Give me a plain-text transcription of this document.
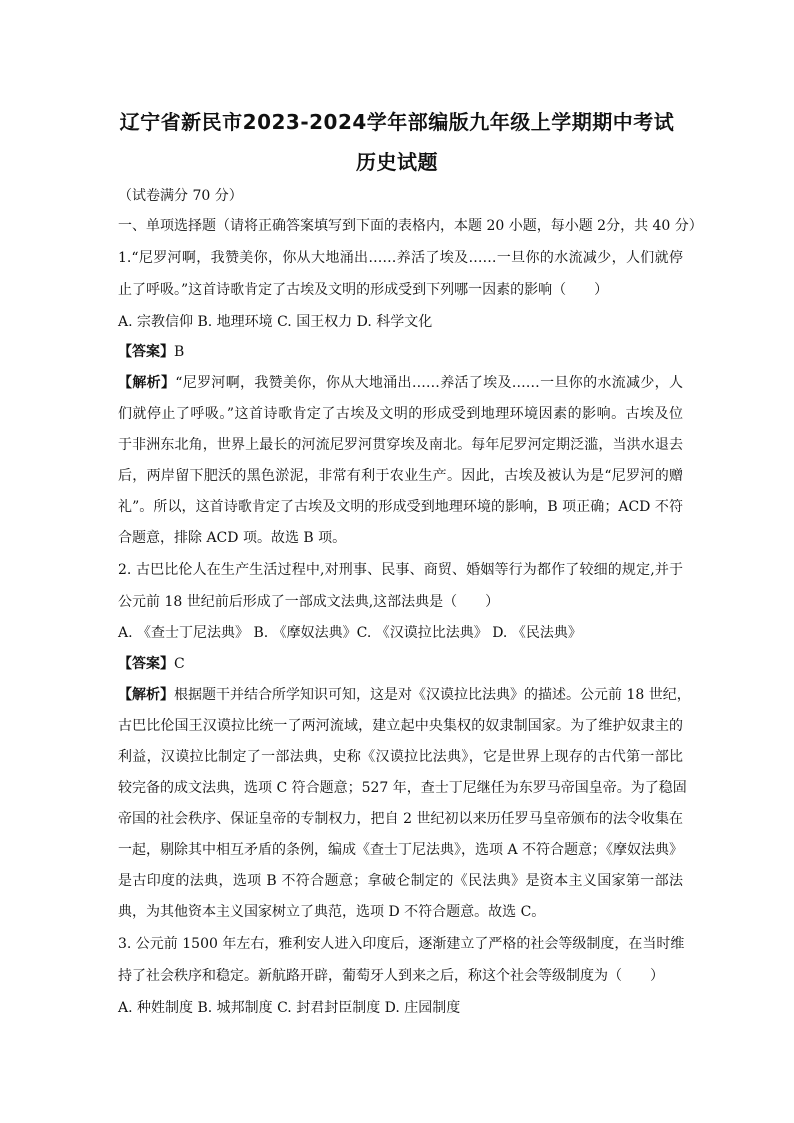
辽宁省新民市2023-2024学年部编版九年级上学期期中考试
历史试题
（试卷满分 70 分）
一、单项选择题（请将正确答案填写到下面的表格内，本题 20 小题，每小题 2分，共 40 分）
1.“尼罗河啊，我赞美你，你从大地涌出……养活了埃及……一旦你的水流减少，人们就停
止了呼吸。”这首诗歌肯定了古埃及文明的形成受到下列哪一因素的影响（　　）
A. 宗教信仰 B. 地理环境 C. 国王权力 D. 科学文化
【答案】B
【解析】“尼罗河啊，我赞美你，你从大地涌出……养活了埃及……一旦你的水流减少，人
们就停止了呼吸。”这首诗歌肯定了古埃及文明的形成受到地理环境因素的影响。古埃及位
于非洲东北角，世界上最长的河流尼罗河贯穿埃及南北。每年尼罗河定期泛滥，当洪水退去
后，两岸留下肥沃的黑色淤泥，非常有利于农业生产。因此，古埃及被认为是“尼罗河的赠
礼”。所以，这首诗歌肯定了古埃及文明的形成受到地理环境的影响，B 项正确；ACD 不符
合题意，排除 ACD 项。故选 B 项。
2. 古巴比伦人在生产生活过程中,对刑事、民事、商贸、婚姻等行为都作了较细的规定,并于
公元前 18 世纪前后形成了一部成文法典,这部法典是（　　）
A. 《查士丁尼法典》 B. 《摩奴法典》C. 《汉谟拉比法典》 D. 《民法典》
【答案】C
【解析】根据题干并结合所学知识可知，这是对《汉谟拉比法典》的描述。公元前 18 世纪，
古巴比伦国王汉谟拉比统一了两河流域，建立起中央集权的奴隶制国家。为了维护奴隶主的
利益，汉谟拉比制定了一部法典，史称《汉谟拉比法典》，它是世界上现存的古代第一部比
较完备的成文法典，选项 C 符合题意；527 年，查士丁尼继任为东罗马帝国皇帝。为了稳固
帝国的社会秩序、保证皇帝的专制权力，把自 2 世纪初以来历任罗马皇帝颁布的法令收集在
一起，剔除其中相互矛盾的条例，编成《查士丁尼法典》，选项 A 不符合题意；《摩奴法典》
是古印度的法典，选项 B 不符合题意；拿破仑制定的《民法典》是资本主义国家第一部法
典，为其他资本主义国家树立了典范，选项 D 不符合题意。故选 C。
3. 公元前 1500 年左右，雅利安人进入印度后，逐渐建立了严格的社会等级制度，在当时维
持了社会秩序和稳定。新航路开辟，葡萄牙人到来之后，称这个社会等级制度为（　　）
A. 种姓制度 B. 城邦制度 C. 封君封臣制度 D. 庄园制度
